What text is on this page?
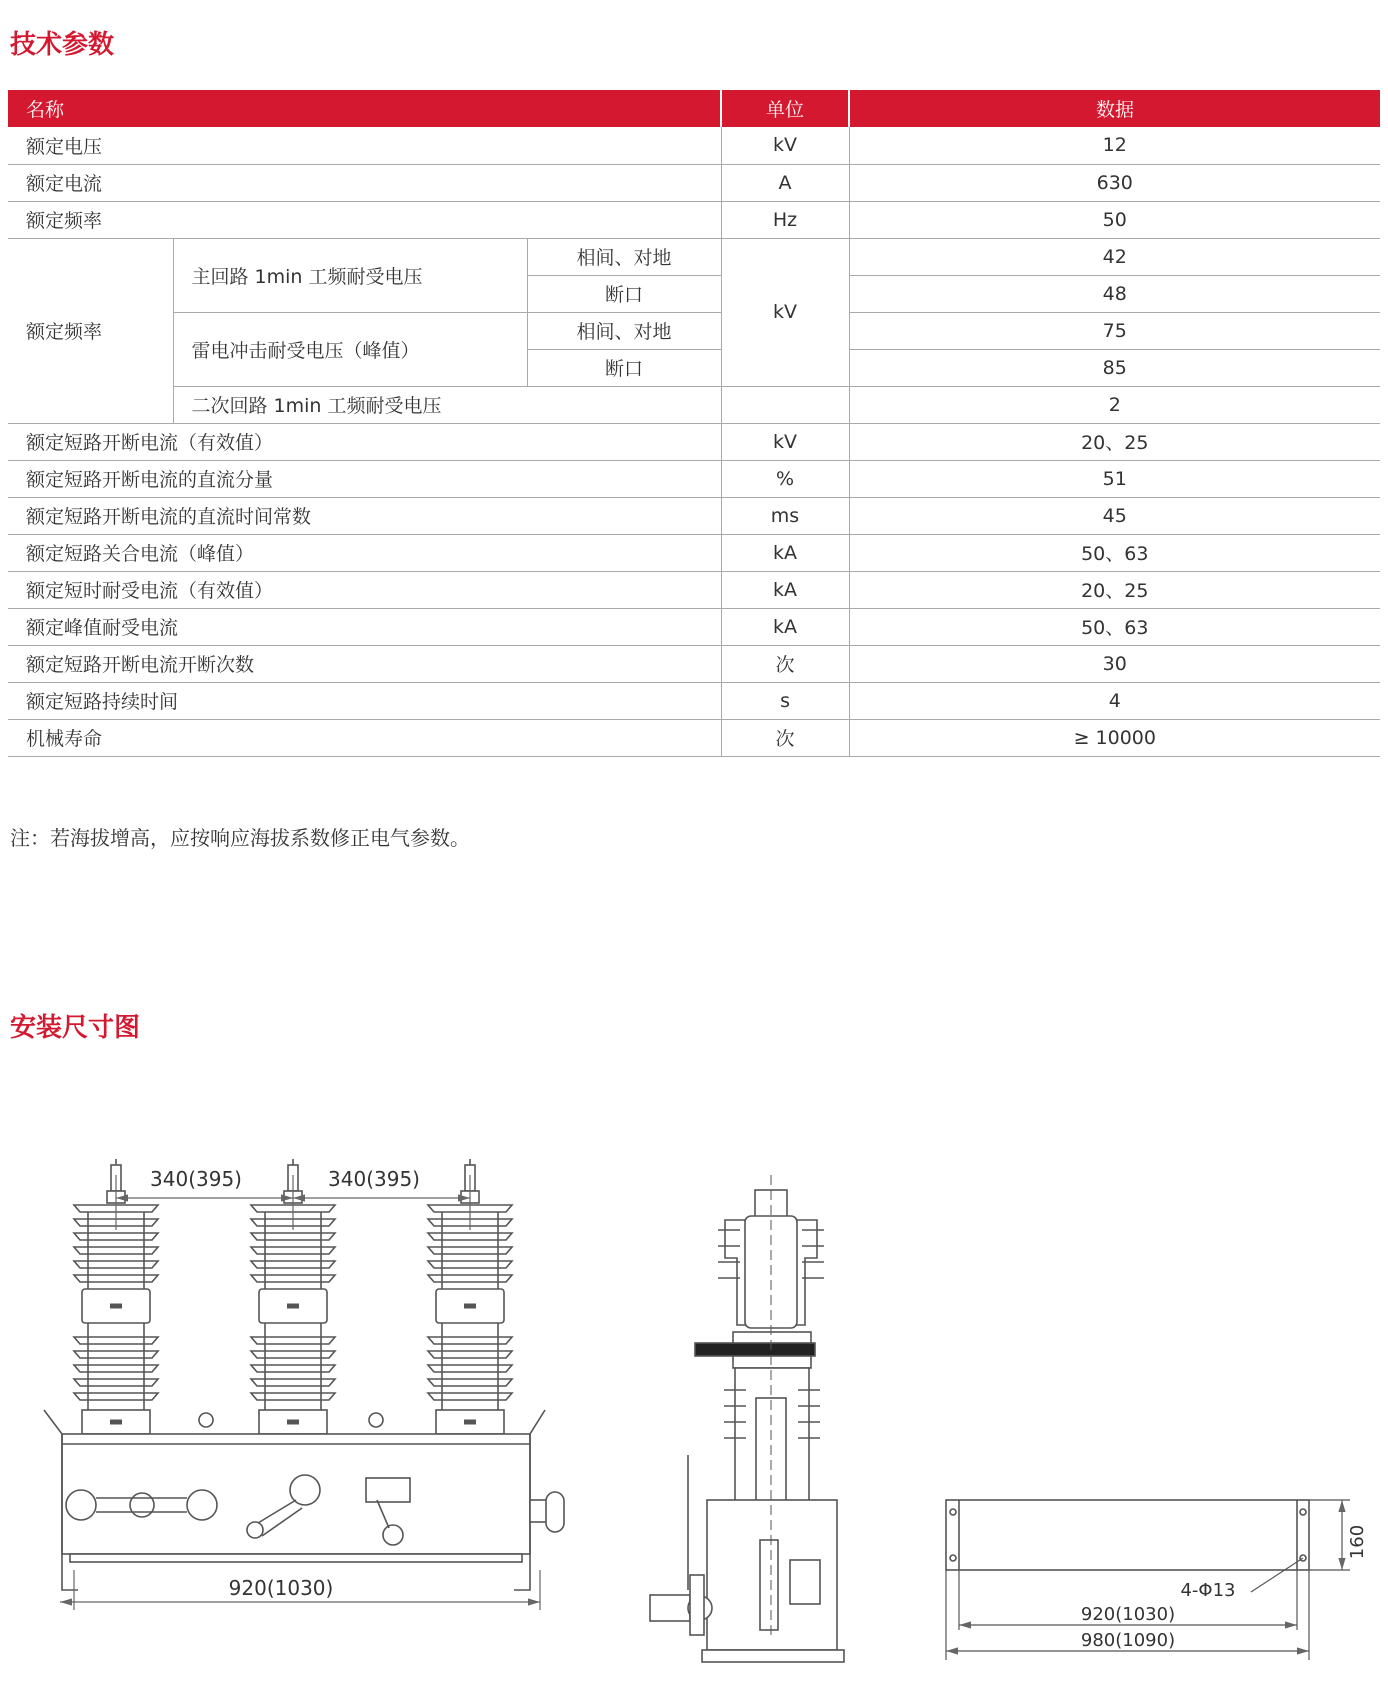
技术参数
名称			单位	数据
额定电压			kV	12
额定电流			A	630
额定频率			Hz	50
额定频率	主回路 1min 工频耐受电压	相间、对地	kV	42
		断口		48
	雷电冲击耐受电压（峰值）	相间、对地		75
		断口		85
	二次回路 1min 工频耐受电压			2
额定短路开断电流（有效值）			kV	20、25
额定短路开断电流的直流分量			%	51
额定短路开断电流的直流时间常数			ms	45
额定短路关合电流（峰值）			kA	50、63
额定短时耐受电流（有效值）			kA	20、25
额定峰值耐受电流			kA	50、63
额定短路开断电流开断次数			次	30
额定短路持续时间			s	4
机械寿命			次	≥ 10000

注：若海拔增高，应按响应海拔系数修正电气参数。

安装尺寸图
340(395)	340(395)
920(1030)
160
4-Φ13
920(1030)
980(1090)
